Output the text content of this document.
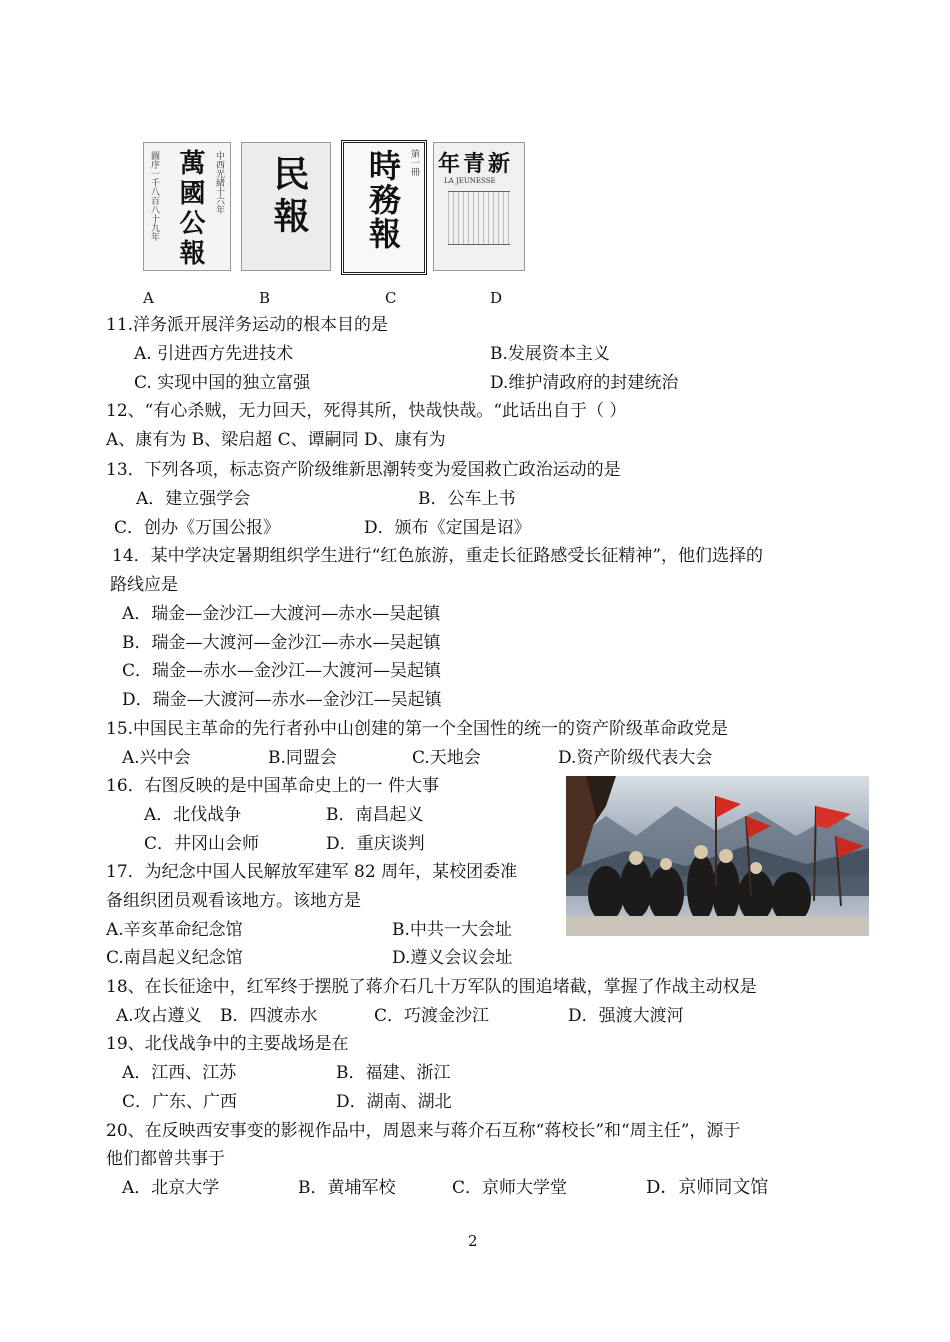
圖序一千八百八十九年 萬國公報	中西光緒十六年 民報	第一冊
時務報 新青年
LA JEUNESSE
A	B	C	D
11.洋务派开展洋务运动的根本目的是
A. 引进西方先进技术	B.发展资本主义
C. 实现中国的独立富强	D.维护清政府的封建统治
12、“有心杀贼，无力回天，死得其所，快哉快哉。“此话出自于（ ）
A、康有为 B、梁启超 C、谭嗣同 D、康有为
13．下列各项，标志资产阶级维新思潮转变为爱国救亡政治运动的是
A．建立强学会	B．公车上书
C．创办《万国公报》	D．颁布《定国是诏》
14．某中学决定暑期组织学生进行“红色旅游，重走长征路感受长征精神”，他们选择的
路线应是
A．瑞金—金沙江—大渡河—赤水—吴起镇
B．瑞金—大渡河—金沙江—赤水—吴起镇
C．瑞金—赤水—金沙江—大渡河—吴起镇
D．瑞金—大渡河—赤水—金沙江—吴起镇
15.中国民主革命的先行者孙中山创建的第一个全国性的统一的资产阶级革命政党是
A.兴中会	B.同盟会	C.天地会	D.资产阶级代表大会
16．右图反映的是中国革命史上的一 件大事
A．北伐战争	B．南昌起义
C．井冈山会师	D．重庆谈判
17．为纪念中国人民解放军建军 82 周年，某校团委准
备组织团员观看该地方。该地方是
A.辛亥革命纪念馆	B.中共一大会址
C.南昌起义纪念馆	D.遵义会议会址
18、在长征途中，红军终于摆脱了蒋介石几十万军队的围追堵截，掌握了作战主动权是
A.攻占遵义 B．四渡赤水	C．巧渡金沙江	D．强渡大渡河
19、北伐战争中的主要战场是在
A．江西、江苏	B．福建、浙江
C．广东、广西	D．湖南、湖北
20、在反映西安事变的影视作品中，周恩来与蒋介石互称“蒋校长”和“周主任”，源于
他们都曾共事于
A．北京大学	B．黄埔军校	C．京师大学堂	D．京师同文馆
2
